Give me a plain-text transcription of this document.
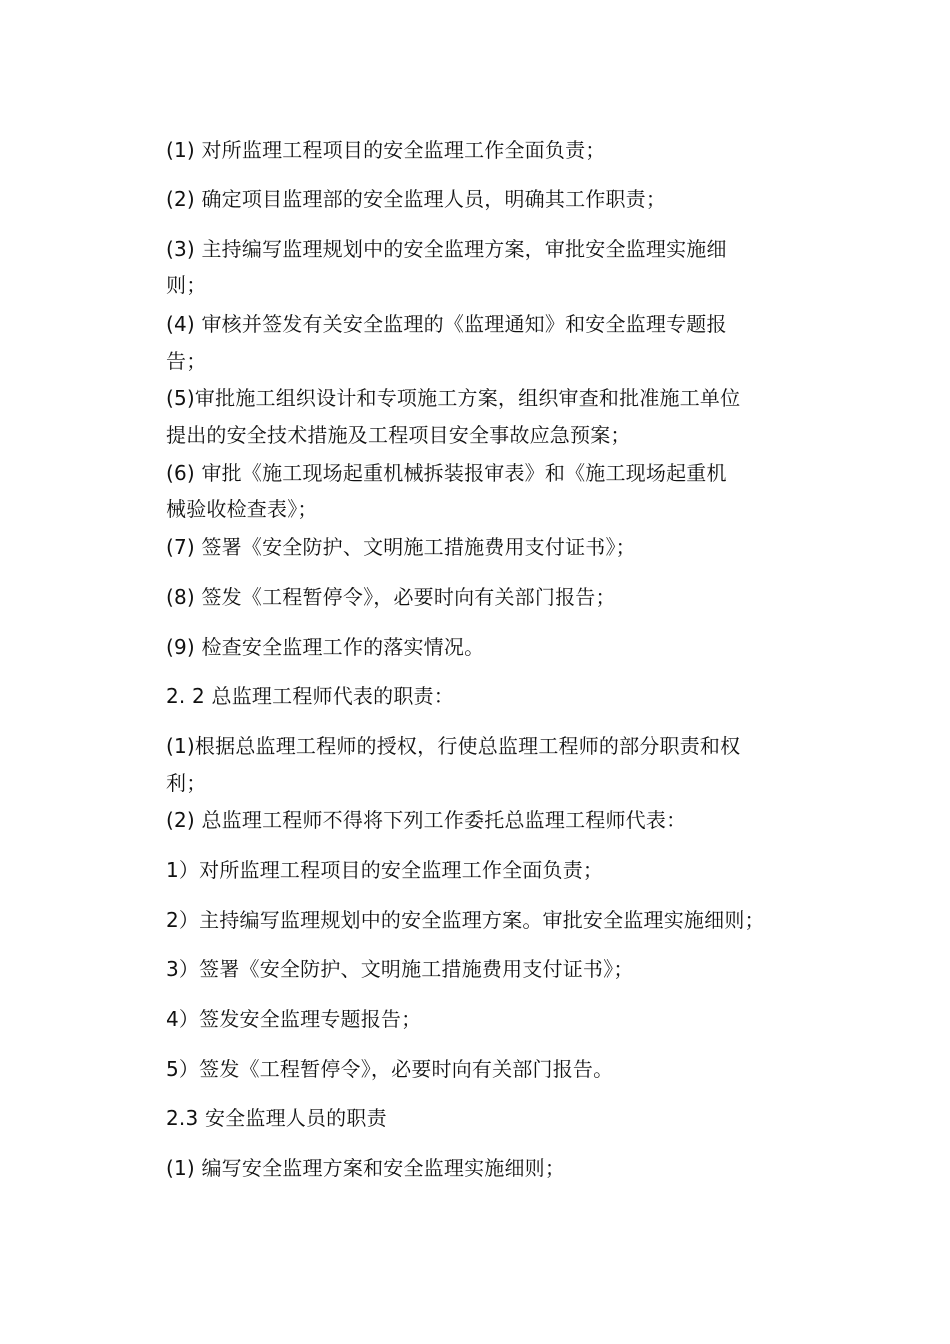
(1) 对所监理工程项目的安全监理工作全面负责；
(2) 确定项目监理部的安全监理人员，明确其工作职责；
(3) 主持编写监理规划中的安全监理方案，审批安全监理实施细
则；
(4) 审核并签发有关安全监理的《监理通知》和安全监理专题报
告；
(5)审批施工组织设计和专项施工方案，组织审查和批准施工单位
提出的安全技术措施及工程项目安全事故应急预案；
(6) 审批《施工现场起重机械拆装报审表》和《施工现场起重机
械验收检查表》；
(7) 签署《安全防护、文明施工措施费用支付证书》；
(8) 签发《工程暂停令》，必要时向有关部门报告；
(9) 检查安全监理工作的落实情况。
2. 2 总监理工程师代表的职责：
(1)根据总监理工程师的授权，行使总监理工程师的部分职责和权
利；
(2) 总监理工程师不得将下列工作委托总监理工程师代表：
1）对所监理工程项目的安全监理工作全面负责；
2）主持编写监理规划中的安全监理方案。审批安全监理实施细则；
3）签署《安全防护、文明施工措施费用支付证书》；
4）签发安全监理专题报告；
5）签发《工程暂停令》，必要时向有关部门报告。
2.3 安全监理人员的职责
(1) 编写安全监理方案和安全监理实施细则；
